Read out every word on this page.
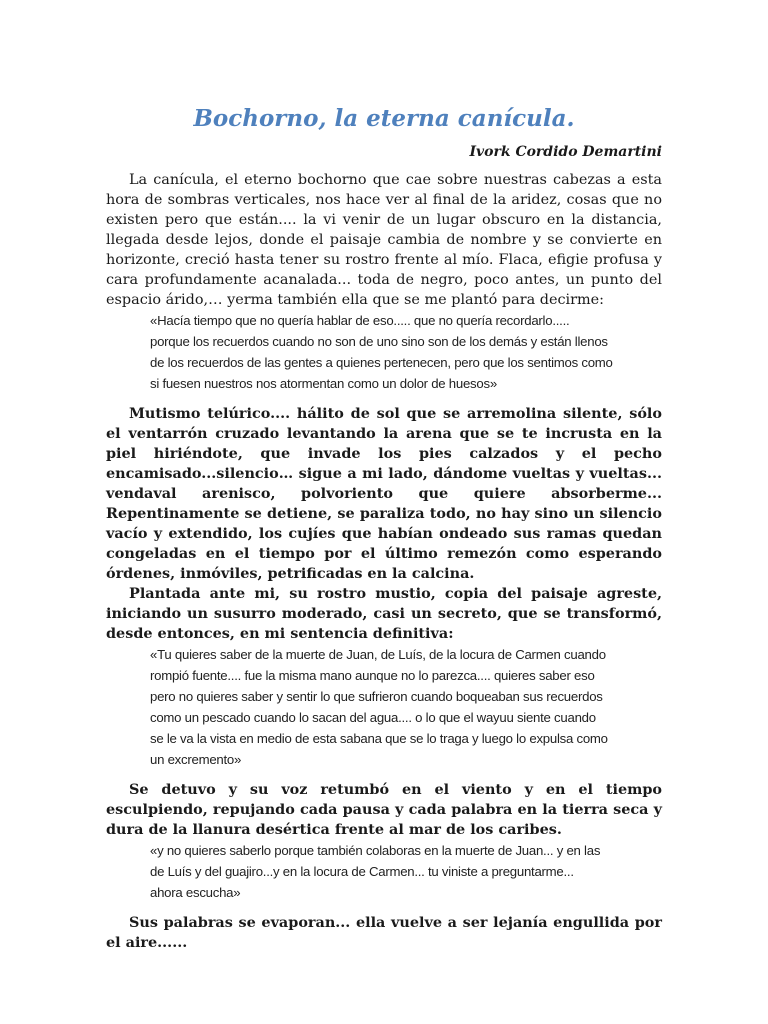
Bochorno, la eterna canícula.
Ivork Cordido Demartini

La canícula, el eterno bochorno que cae sobre nuestras cabezas a esta hora de sombras verticales, nos hace ver al final de la aridez, cosas que no existen pero que están.... la vi venir de un lugar obscuro en la distancia, llegada desde lejos, donde el paisaje cambia de nombre y se convierte en horizonte, creció hasta tener su rostro frente al mío. Flaca, efigie profusa y cara profundamente acanalada... toda de negro, poco antes, un punto del espacio árido,… yerma también ella que se me plantó para decirme:

«Hacía tiempo que no quería hablar de eso..... que no quería recordarlo.....
porque los recuerdos cuando no son de uno sino son de los demás y están llenos
de los recuerdos de las gentes a quienes pertenecen, pero que los sentimos como
si fuesen nuestros nos atormentan como un dolor de huesos»

Mutismo telúrico.... hálito de sol que se arremolina silente, sólo el ventarrón cruzado levantando la arena que se te incrusta en la piel hiriéndote, que invade los pies calzados y el pecho encamisado...silencio… sigue a mi lado, dándome vueltas y vueltas... vendaval arenisco, polvoriento que quiere absorberme... Repentinamente se detiene, se paraliza todo, no hay sino un silencio vacío y extendido, los cujíes que habían ondeado sus ramas quedan congeladas en el tiempo por el último remezón como esperando órdenes, inmóviles, petrificadas en la calcina.

Plantada ante mi, su rostro mustio, copia del paisaje agreste, iniciando un susurro moderado, casi un secreto, que se transformó, desde entonces, en mi sentencia definitiva:

«Tu quieres saber de la muerte de Juan, de Luís, de la locura de Carmen cuando
rompió fuente.... fue la misma mano aunque no lo parezca.... quieres saber eso
pero no quieres saber y sentir lo que sufrieron cuando boqueaban sus recuerdos
como un pescado cuando lo sacan del agua.... o lo que el wayuu siente cuando
se le va la vista en medio de esta sabana que se lo traga y luego lo expulsa como
un excremento»

Se detuvo y su voz retumbó en el viento y en el tiempo esculpiendo, repujando cada pausa y cada palabra en la tierra seca y dura de la llanura desértica frente al mar de los caribes.

«y no quieres saberlo porque también colaboras en la muerte de Juan... y en las
de Luís y del guajiro...y en la locura de Carmen... tu viniste a preguntarme...
ahora escucha»

Sus palabras se evaporan... ella vuelve a ser lejanía engullida por el aire......
